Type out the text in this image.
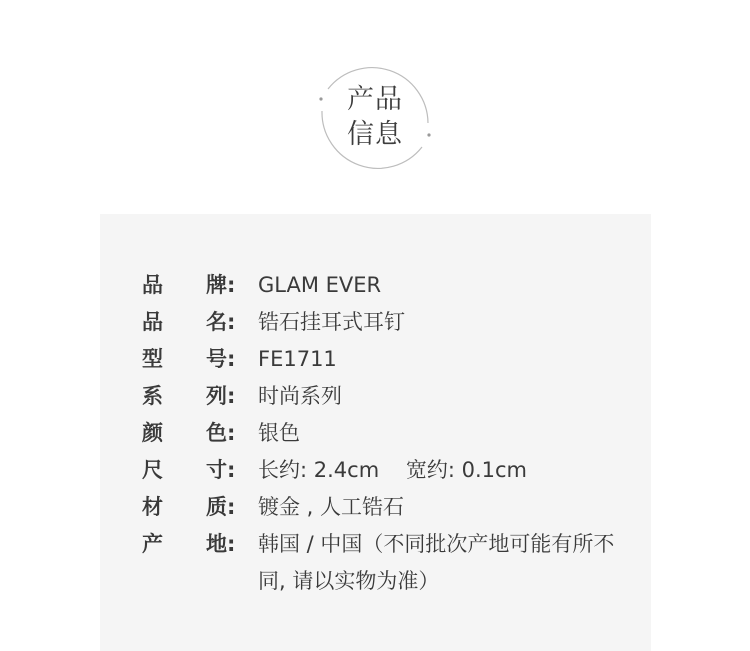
产品
信息
品	牌: GLAM EVER
品	名: 锆石挂耳式耳钉
型	号: FE1711
系	列: 时尚系列
颜	色: 银色
尺	寸: 长约: 2.4cm    宽约: 0.1cm
材	质: 镀金 , 人工锆石
产	地: 韩国 / 中国（不同批次产地可能有所不同, 请以实物为准）
